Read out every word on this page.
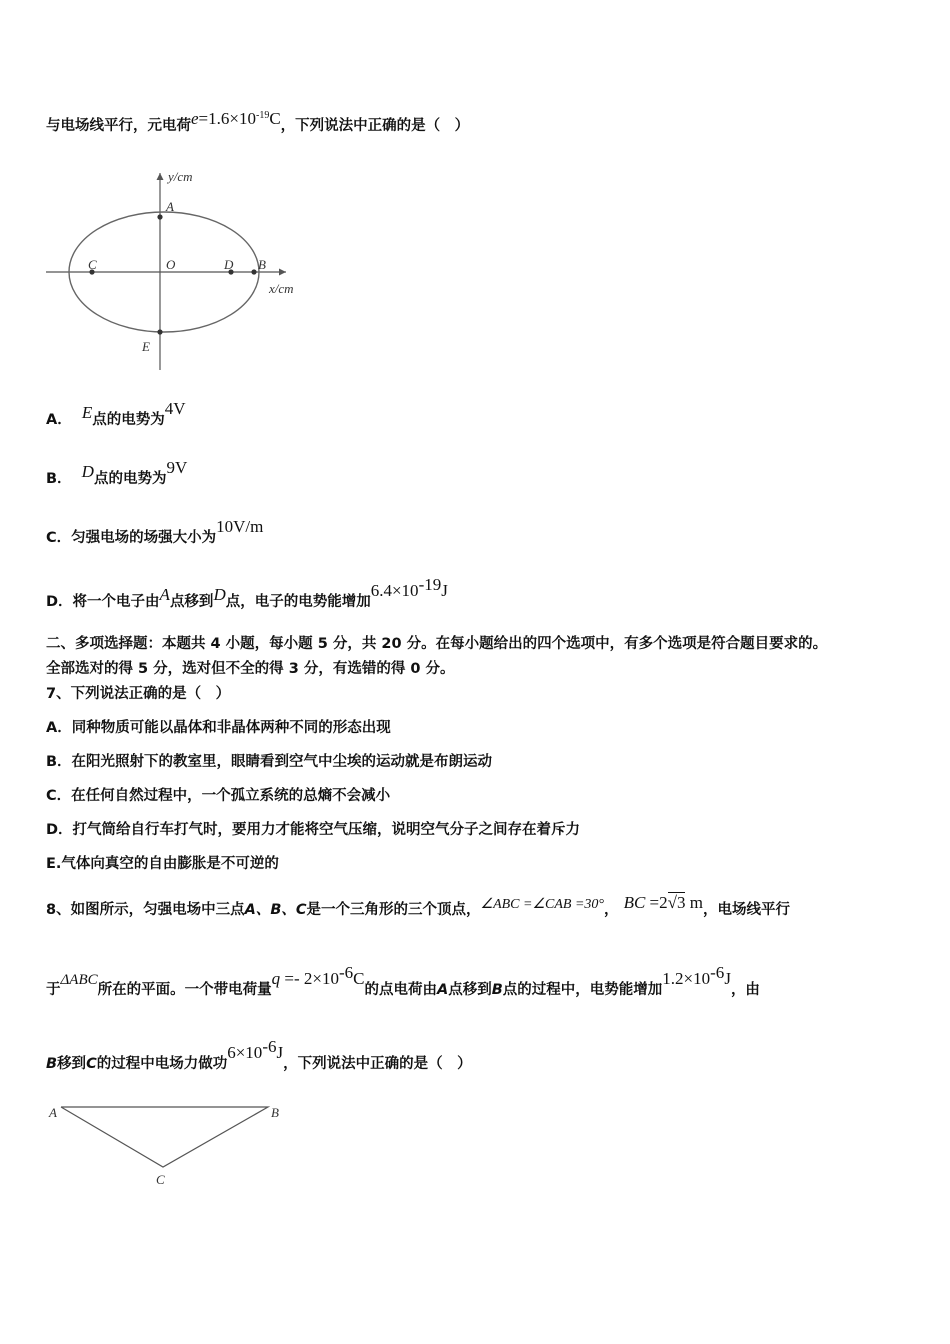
与电场线平行，元电荷$e=1.6\times 10^{-19}C$，下列说法中正确的是（　）
y/cm
x/cm
A
O
C	D B
E
A． E点的电势为4V
B． D点的电势为9V
C．匀强电场的场强大小为10V/m
D．将一个电子由A点移到D点，电子的电势能增加$6.4\times 10^{-19}J$
二、多项选择题：本题共 4 小题，每小题 5 分，共 20 分。在每小题给出的四个选项中，有多个选项是符合题目要求的。
全部选对的得 5 分，选对但不全的得 3 分，有选错的得 0 分。
7、下列说法正确的是（　）
A．同种物质可能以晶体和非晶体两种不同的形态出现
B．在阳光照射下的教室里，眼睛看到空气中尘埃的运动就是布朗运动
C．在任何自然过程中，一个孤立系统的总熵不会减小
D．打气筒给自行车打气时，要用力才能将空气压缩，说明空气分子之间存在着斥力
E.气体向真空的自由膨胀是不可逆的
8、如图所示，匀强电场中三点A、B、C是一个三角形的三个顶点，∠ABC =∠CAB =30°， BC =2√3 m，电场线平行
于ΔABC所在的平面。一个带电荷量$q =- 2\times 10^{-6}C$的点电荷由A点移到B点的过程中，电势能增加$1.2\times 10^{-6}J$，由
B移到C的过程中电场力做功$6\times 10^{-6}J$，下列说法中正确的是（　）
A	B
C
